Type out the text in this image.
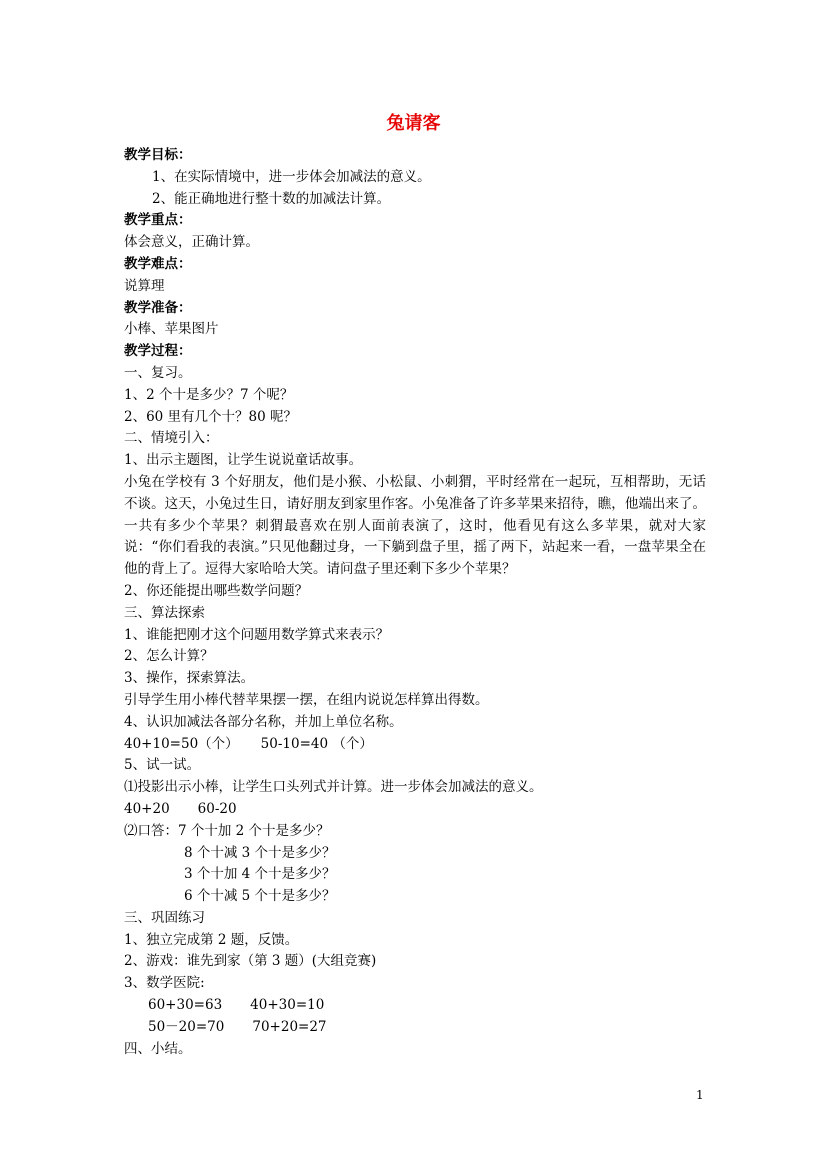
兔请客
教学目标：
1、在实际情境中，进一步体会加减法的意义。
2、能正确地进行整十数的加减法计算。
教学重点：
体会意义，正确计算。
教学难点：
说算理
教学准备：
小棒、苹果图片
教学过程：
一、复习。
1、2 个十是多少？7 个呢？
2、60 里有几个十？80 呢？
二、情境引入：
1、出示主题图，让学生说说童话故事。
小兔在学校有 3 个好朋友，他们是小猴、小松鼠、小刺猬，平时经常在一起玩，互相帮助，无话不谈。这天，小兔过生日，请好朋友到家里作客。小兔准备了许多苹果来招待，瞧，他端出来了。一共有多少个苹果？刺猬最喜欢在别人面前表演了，这时，他看见有这么多苹果，就对大家说：“你们看我的表演。”只见他翻过身，一下躺到盘子里，摇了两下，站起来一看，一盘苹果全在他的背上了。逗得大家哈哈大笑。请问盘子里还剩下多少个苹果？
2、你还能提出哪些数学问题？
三、算法探索
1、谁能把刚才这个问题用数学算式来表示？
2、怎么计算？
3、操作，探索算法。
引导学生用小棒代替苹果摆一摆，在组内说说怎样算出得数。
4、认识加减法各部分名称，并加上单位名称。
40+10=50（个） 50-10=40 （个）
5、试一试。
⑴投影出示小棒，让学生口头列式并计算。进一步体会加减法的意义。
40+20 60-20
⑵口答：7 个十加 2 个十是多少？
8 个十减 3 个十是多少？
3 个十加 4 个十是多少？
6 个十减 5 个十是多少？
三、巩固练习
1、独立完成第 2 题，反馈。
2、游戏：谁先到家（第 3 题）(大组竞赛)
3、数学医院:
60+30=63 40+30=10
50－20=70 70+20=27
四、小结。
1
